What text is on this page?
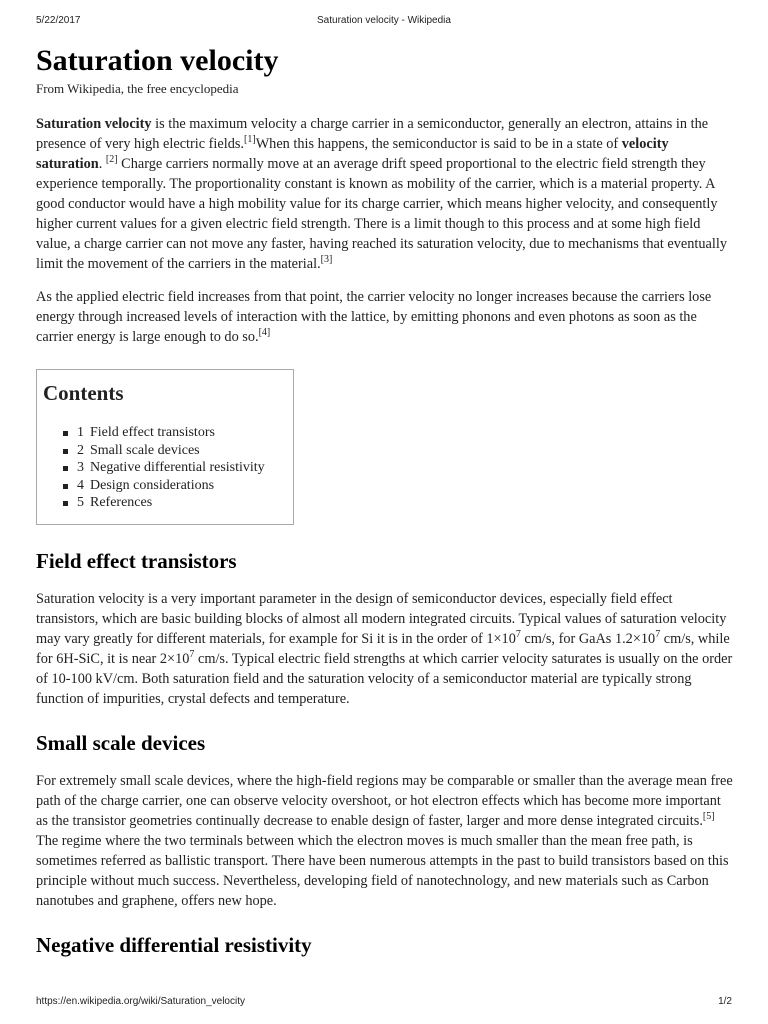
5/22/2017	Saturation velocity - Wikipedia
Saturation velocity
From Wikipedia, the free encyclopedia

Saturation velocity is the maximum velocity a charge carrier in a semiconductor, generally an electron, attains in the presence of very high electric fields.[1]When this happens, the semiconductor is said to be in a state of velocity saturation. [2] Charge carriers normally move at an average drift speed proportional to the electric field strength they experience temporally. The proportionality constant is known as mobility of the carrier, which is a material property. A good conductor would have a high mobility value for its charge carrier, which means higher velocity, and consequently higher current values for a given electric field strength. There is a limit though to this process and at some high field value, a charge carrier can not move any faster, having reached its saturation velocity, due to mechanisms that eventually limit the movement of the carriers in the material.[3]

As the applied electric field increases from that point, the carrier velocity no longer increases because the carriers lose energy through increased levels of interaction with the lattice, by emitting phonons and even photons as soon as the carrier energy is large enough to do so.[4]

Contents
1 Field effect transistors
2 Small scale devices
3 Negative differential resistivity
4 Design considerations
5 References
Field effect transistors

Saturation velocity is a very important parameter in the design of semiconductor devices, especially field effect transistors, which are basic building blocks of almost all modern integrated circuits. Typical values of saturation velocity may vary greatly for different materials, for example for Si it is in the order of $1\times 10^7$ cm/s, for GaAs $1.2\times 10^7$ cm/s, while for 6H-SiC, it is near $2\times 10^7$ cm/s. Typical electric field strengths at which carrier velocity saturates is usually on the order of 10-100 kV/cm. Both saturation field and the saturation velocity of a semiconductor material are typically strong function of impurities, crystal defects and temperature.

Small scale devices

For extremely small scale devices, where the high-field regions may be comparable or smaller than the average mean free path of the charge carrier, one can observe velocity overshoot, or hot electron effects which has become more important as the transistor geometries continually decrease to enable design of faster, larger and more dense integrated circuits.[5] The regime where the two terminals between which the electron moves is much smaller than the mean free path, is sometimes referred as ballistic transport. There have been numerous attempts in the past to build transistors based on this principle without much success. Nevertheless, developing field of nanotechnology, and new materials such as Carbon nanotubes and graphene, offers new hope.

Negative differential resistivity
https://en.wikipedia.org/wiki/Saturation_velocity	1/2
